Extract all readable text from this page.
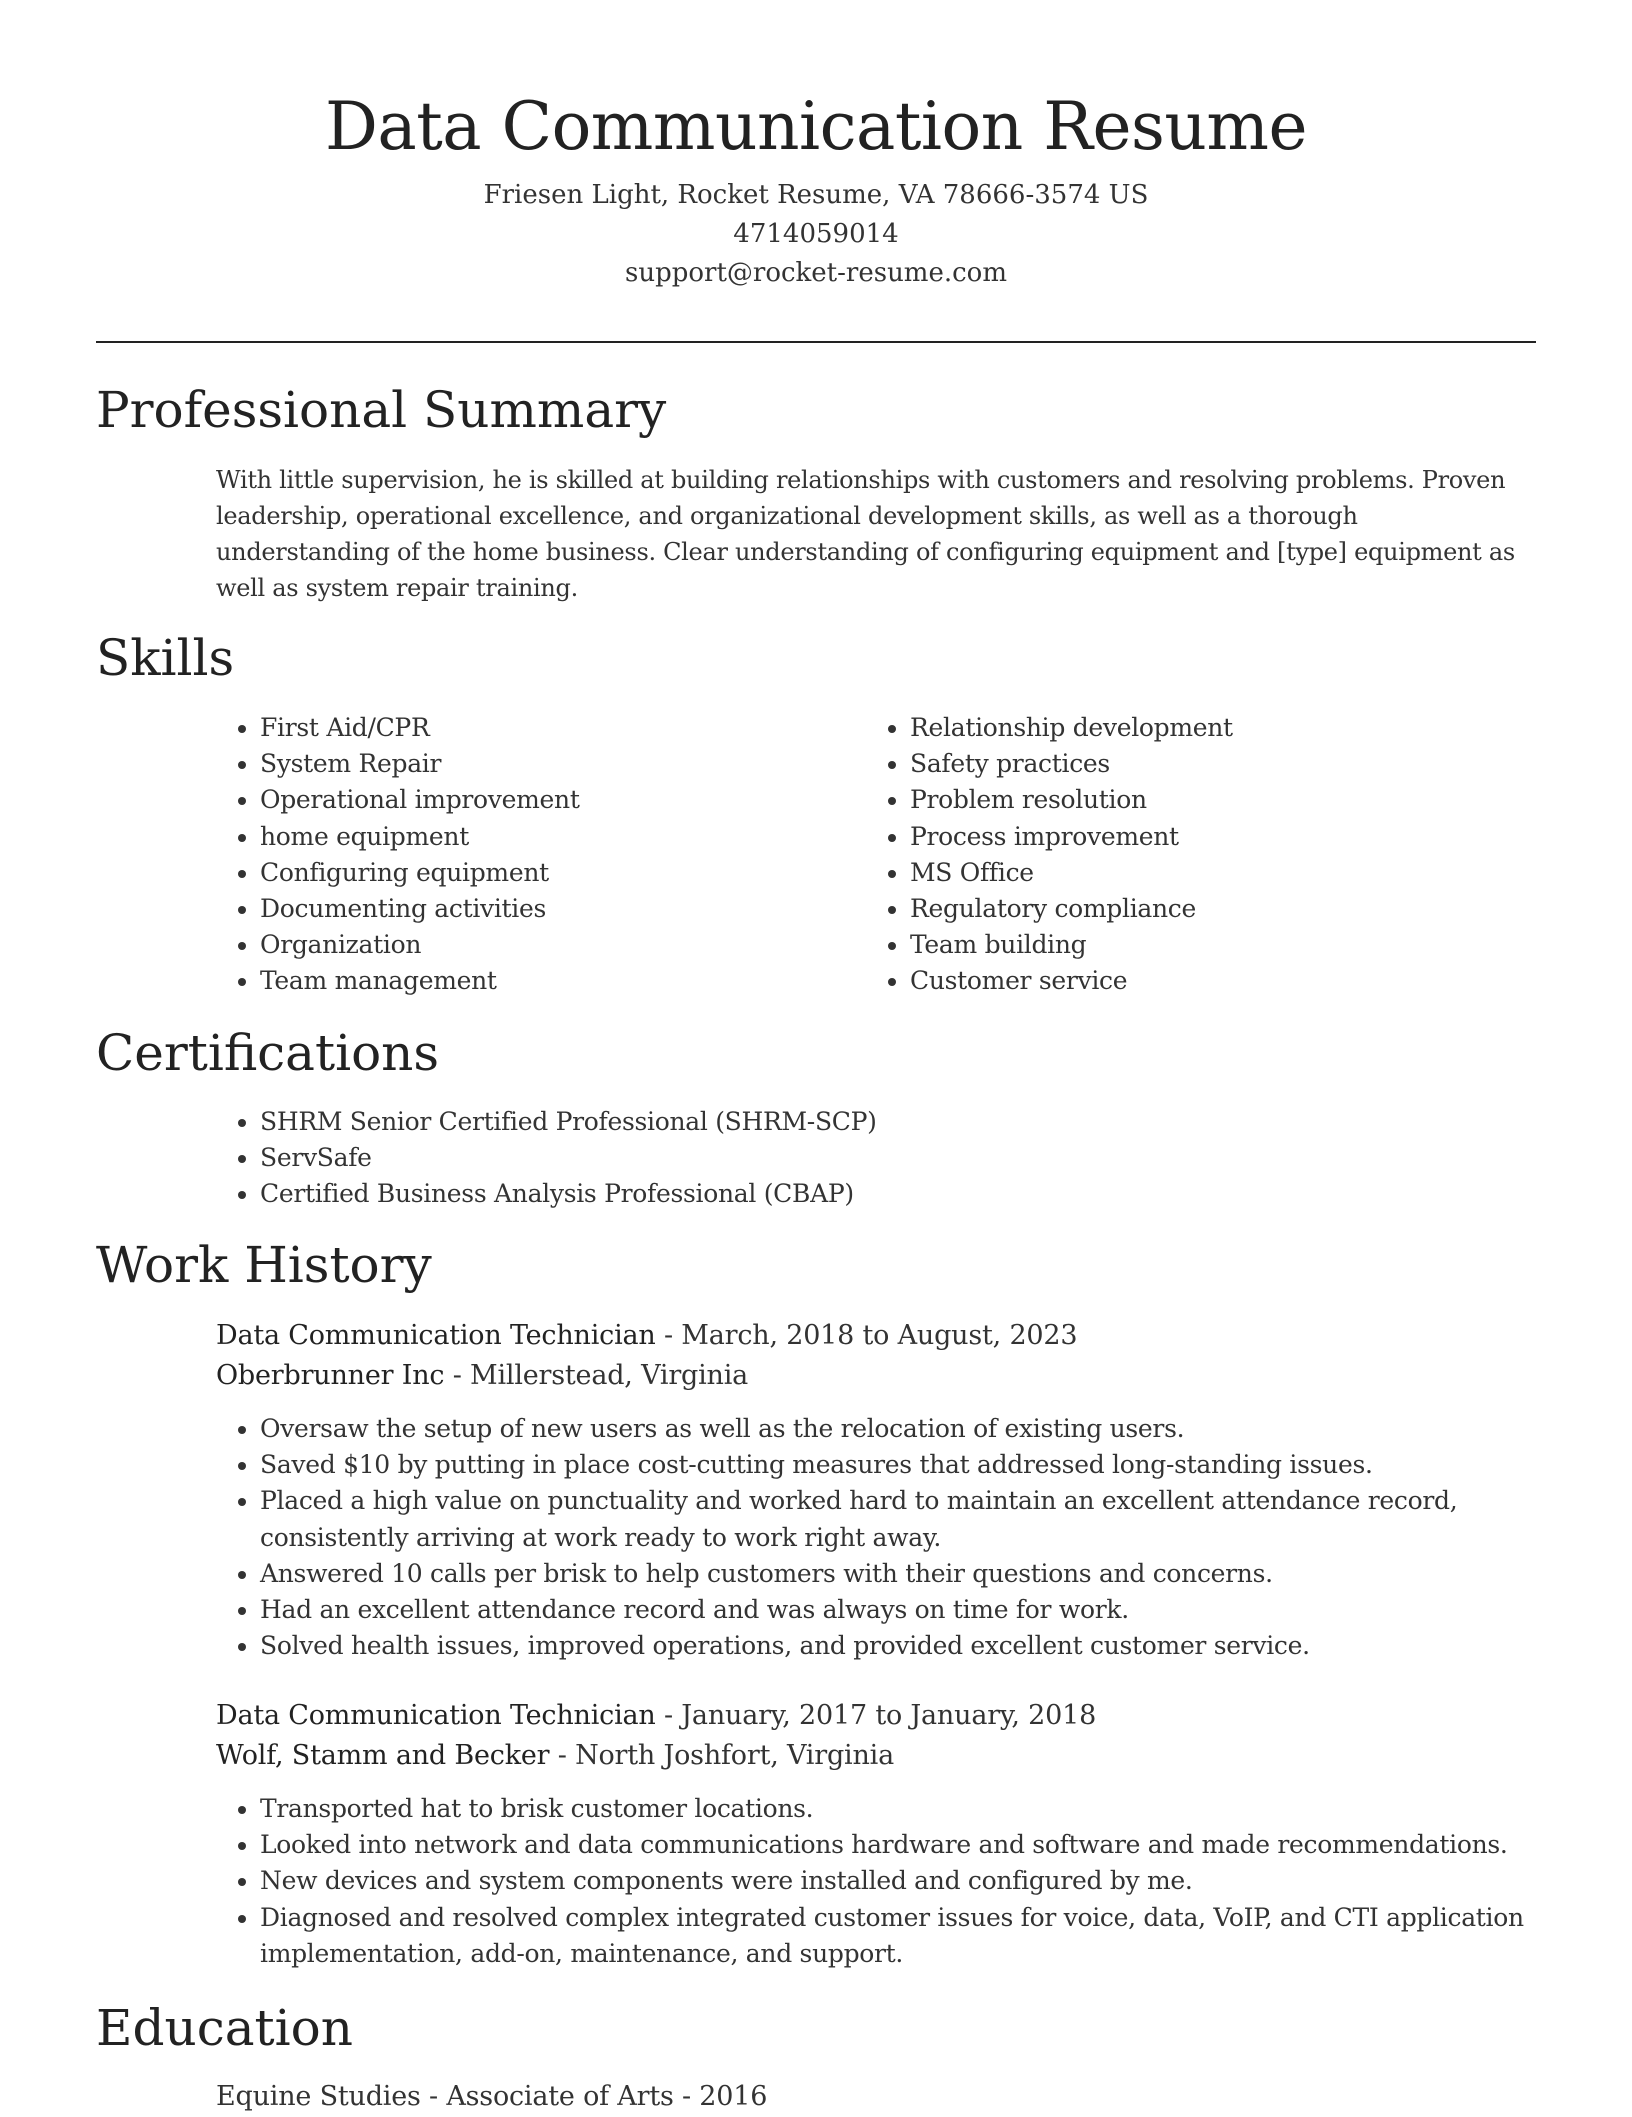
Data Communication Resume
Friesen Light, Rocket Resume, VA 78666-3574 US
4714059014
support@rocket-resume.com
Professional Summary
With little supervision, he is skilled at building relationships with customers and resolving problems. Proven leadership, operational excellence, and organizational development skills, as well as a thorough understanding of the home business. Clear understanding of configuring equipment and [type] equipment as well as system repair training.
Skills
• First Aid/CPR
• System Repair
• Operational improvement
• home equipment
• Configuring equipment
• Documenting activities
• Organization
• Team management
• Relationship development
• Safety practices
• Problem resolution
• Process improvement
• MS Office
• Regulatory compliance
• Team building
• Customer service
Certifications
• SHRM Senior Certified Professional (SHRM-SCP)
• ServSafe
• Certified Business Analysis Professional (CBAP)
Work History
Data Communication Technician - March, 2018 to August, 2023
Oberbrunner Inc - Millerstead, Virginia
• Oversaw the setup of new users as well as the relocation of existing users.
• Saved $10 by putting in place cost-cutting measures that addressed long-standing issues.
• Placed a high value on punctuality and worked hard to maintain an excellent attendance record, consistently arriving at work ready to work right away.
• Answered 10 calls per brisk to help customers with their questions and concerns.
• Had an excellent attendance record and was always on time for work.
• Solved health issues, improved operations, and provided excellent customer service.
Data Communication Technician - January, 2017 to January, 2018
Wolf, Stamm and Becker - North Joshfort, Virginia
• Transported hat to brisk customer locations.
• Looked into network and data communications hardware and software and made recommendations.
• New devices and system components were installed and configured by me.
• Diagnosed and resolved complex integrated customer issues for voice, data, VoIP, and CTI application implementation, add-on, maintenance, and support.
Education
Equine Studies - Associate of Arts - 2016
